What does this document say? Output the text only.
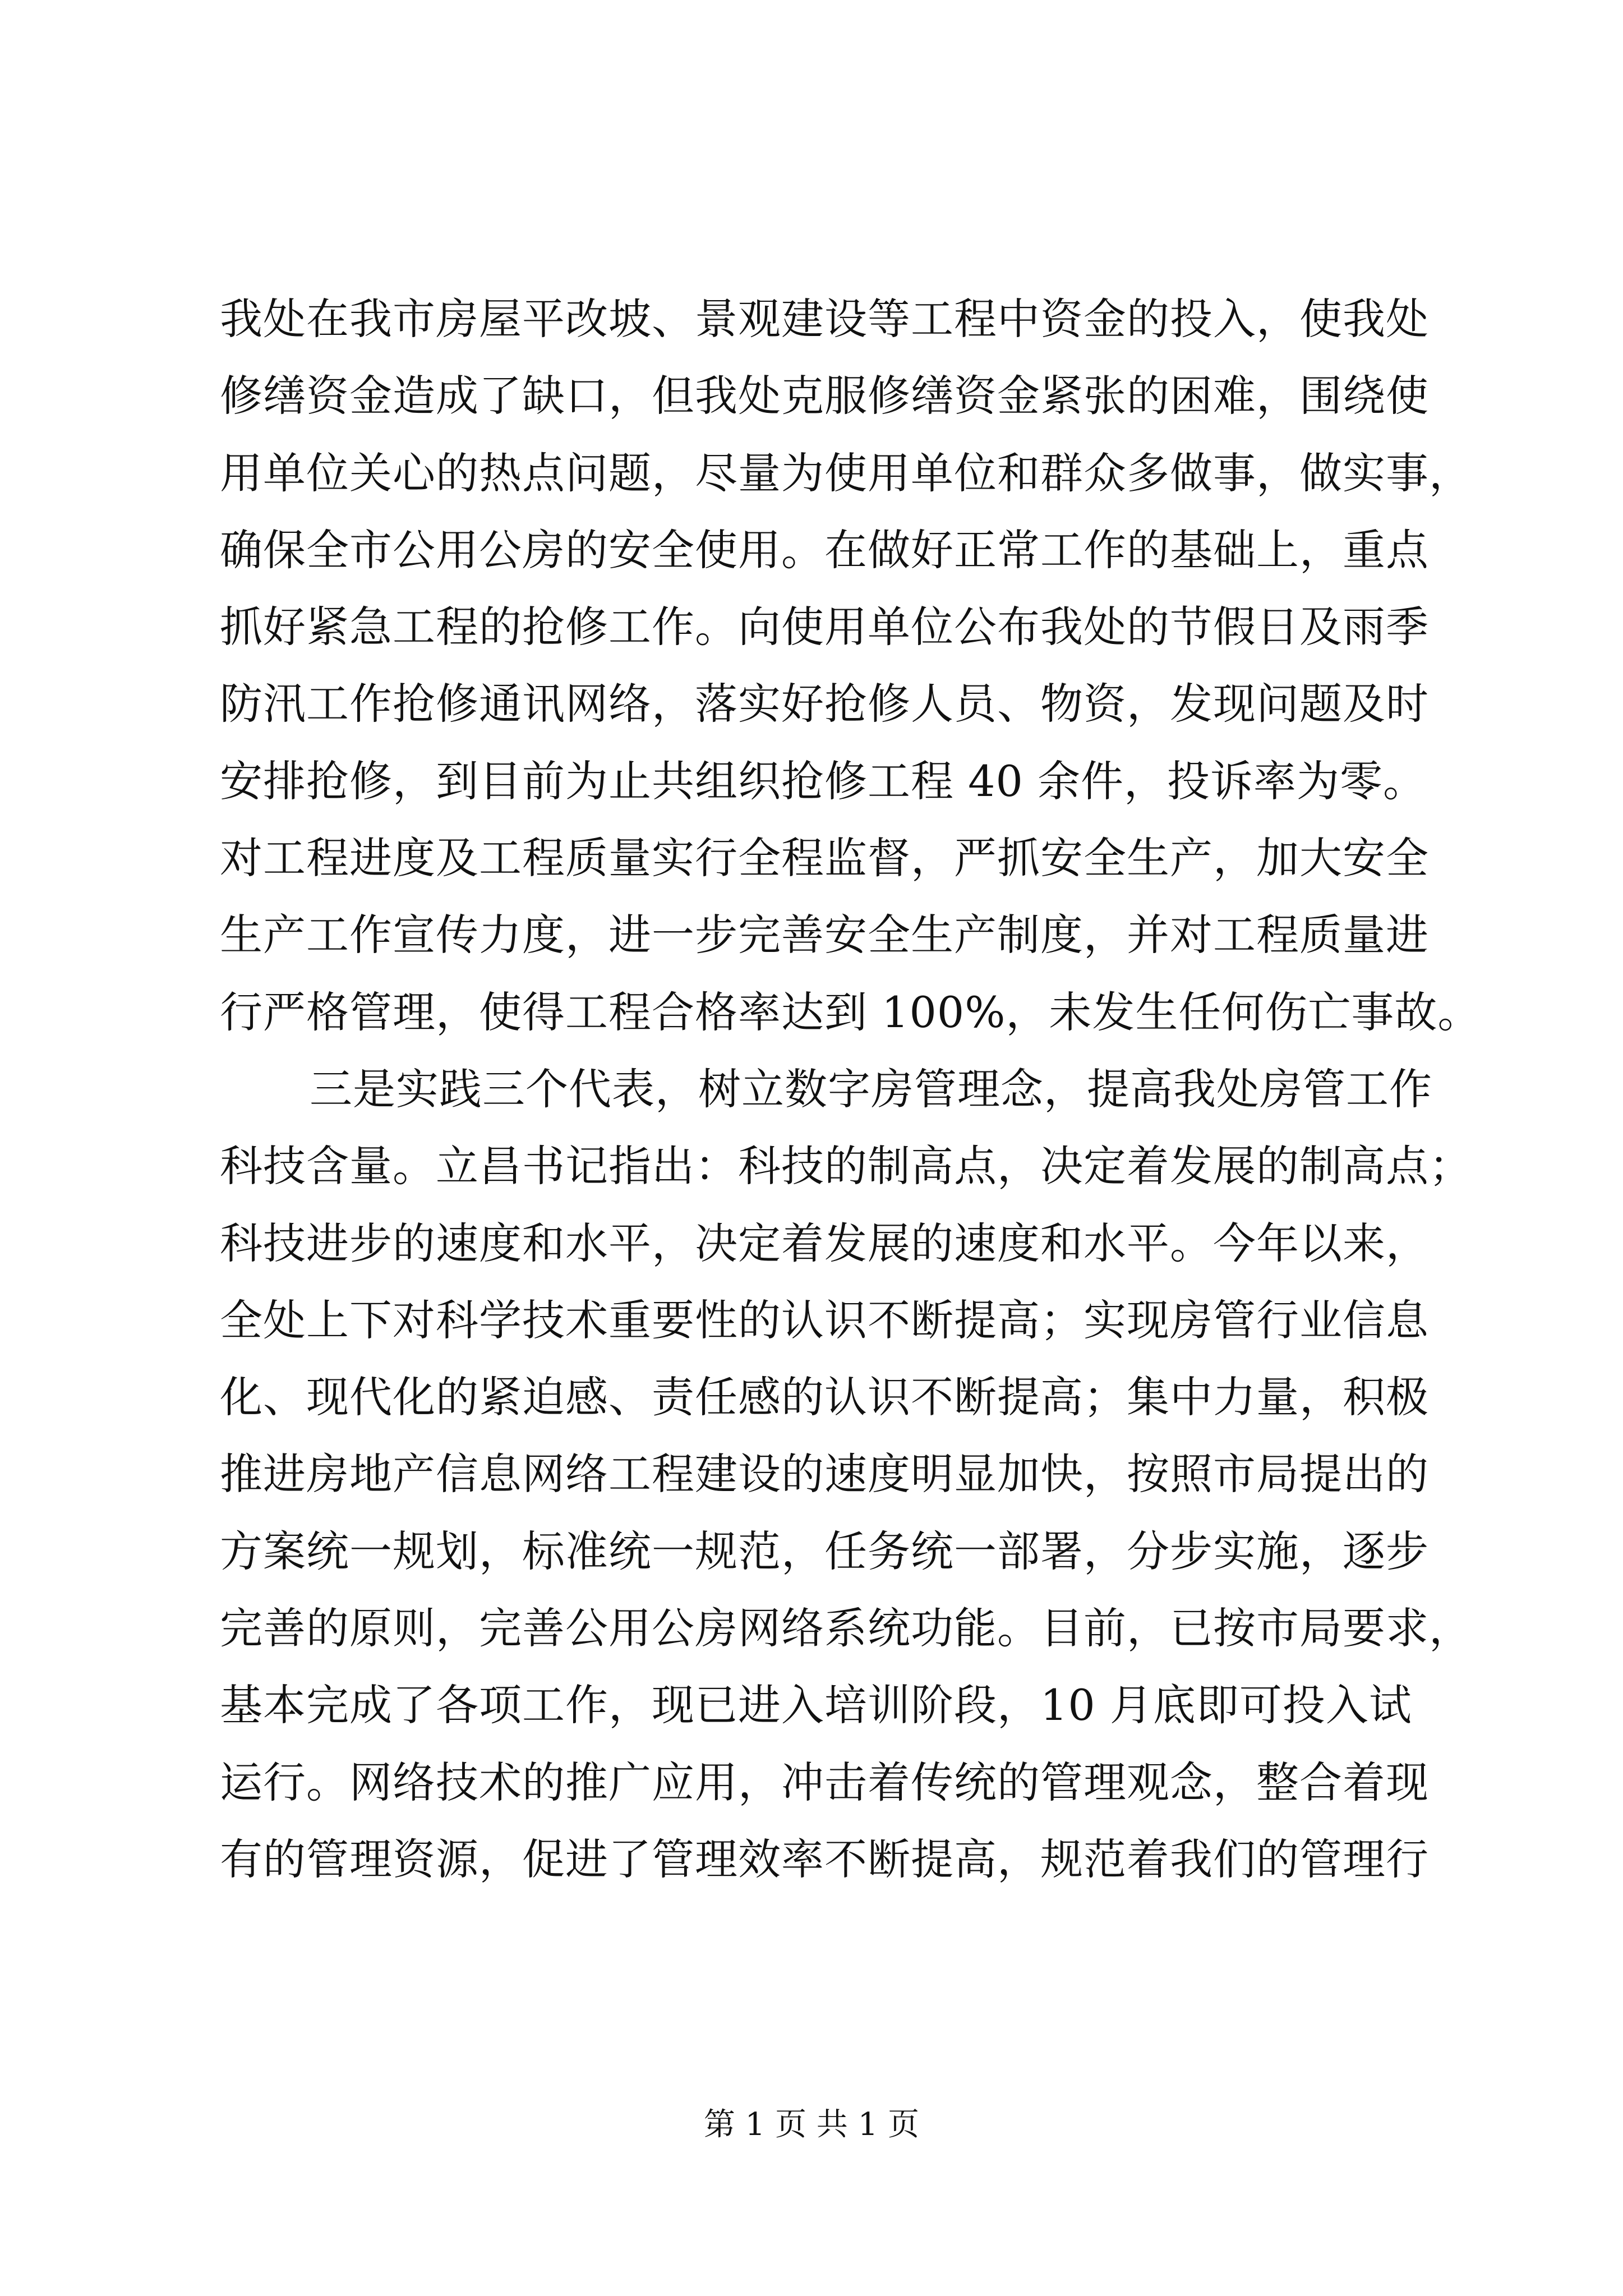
我处在我市房屋平改坡、景观建设等工程中资金的投入，使我处
修缮资金造成了缺口，但我处克服修缮资金紧张的困难，围绕使
用单位关心的热点问题，尽量为使用单位和群众多做事，做实事，
确保全市公用公房的安全使用。在做好正常工作的基础上，重点
抓好紧急工程的抢修工作。向使用单位公布我处的节假日及雨季
防汛工作抢修通讯网络，落实好抢修人员、物资，发现问题及时
安排抢修，到目前为止共组织抢修工程 40 余件，投诉率为零。
对工程进度及工程质量实行全程监督，严抓安全生产，加大安全
生产工作宣传力度，进一步完善安全生产制度，并对工程质量进
行严格管理，使得工程合格率达到 100%，未发生任何伤亡事故。
三是实践三个代表，树立数字房管理念，提高我处房管工作
科技含量。立昌书记指出：科技的制高点，决定着发展的制高点；
科技进步的速度和水平，决定着发展的速度和水平。今年以来，
全处上下对科学技术重要性的认识不断提高；实现房管行业信息
化、现代化的紧迫感、责任感的认识不断提高；集中力量，积极
推进房地产信息网络工程建设的速度明显加快，按照市局提出的
方案统一规划，标准统一规范，任务统一部署，分步实施，逐步
完善的原则，完善公用公房网络系统功能。目前，已按市局要求，
基本完成了各项工作，现已进入培训阶段，10 月底即可投入试
运行。网络技术的推广应用，冲击着传统的管理观念，整合着现
有的管理资源，促进了管理效率不断提高，规范着我们的管理行
第 1 页 共 1 页
